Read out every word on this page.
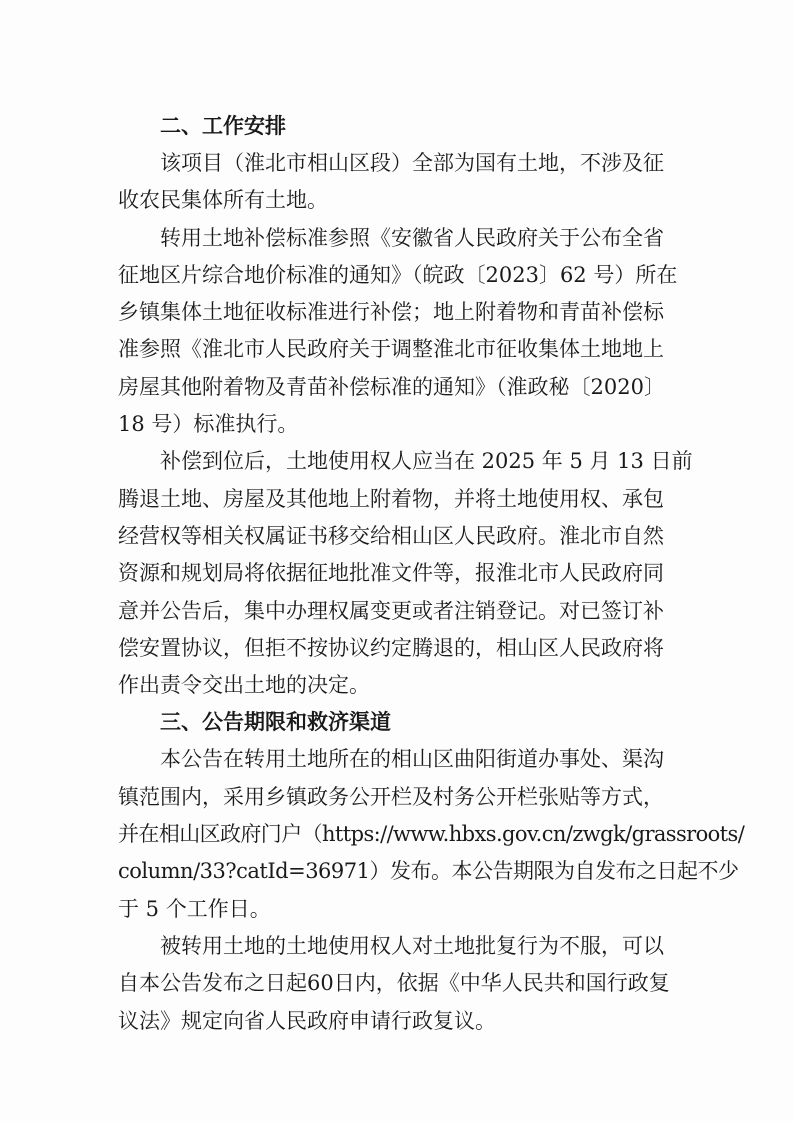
二、工作安排

该项目（淮北市相山区段）全部为国有土地，不涉及征
收农民集体所有土地。

转用土地补偿标准参照《安徽省人民政府关于公布全省
征地区片综合地价标准的通知》（皖政〔2023〕62 号）所在
乡镇集体土地征收标准进行补偿；地上附着物和青苗补偿标
准参照《淮北市人民政府关于调整淮北市征收集体土地地上
房屋其他附着物及青苗补偿标准的通知》（淮政秘〔2020〕
18 号）标准执行。

补偿到位后，土地使用权人应当在 2025 年 5 月 13 日前
腾退土地、房屋及其他地上附着物，并将土地使用权、承包
经营权等相关权属证书移交给相山区人民政府。淮北市自然
资源和规划局将依据征地批准文件等，报淮北市人民政府同
意并公告后，集中办理权属变更或者注销登记。对已签订补
偿安置协议，但拒不按协议约定腾退的，相山区人民政府将
作出责令交出土地的决定。

三、公告期限和救济渠道

本公告在转用土地所在的相山区曲阳街道办事处、渠沟
镇范围内，采用乡镇政务公开栏及村务公开栏张贴等方式，
并在相山区政府门户（https://www.hbxs.gov.cn/zwgk/grassroots/
column/33?catId=36971）发布。本公告期限为自发布之日起不少
于 5 个工作日。

被转用土地的土地使用权人对土地批复行为不服，可以
自本公告发布之日起60日内，依据《中华人民共和国行政复
议法》规定向省人民政府申请行政复议。
